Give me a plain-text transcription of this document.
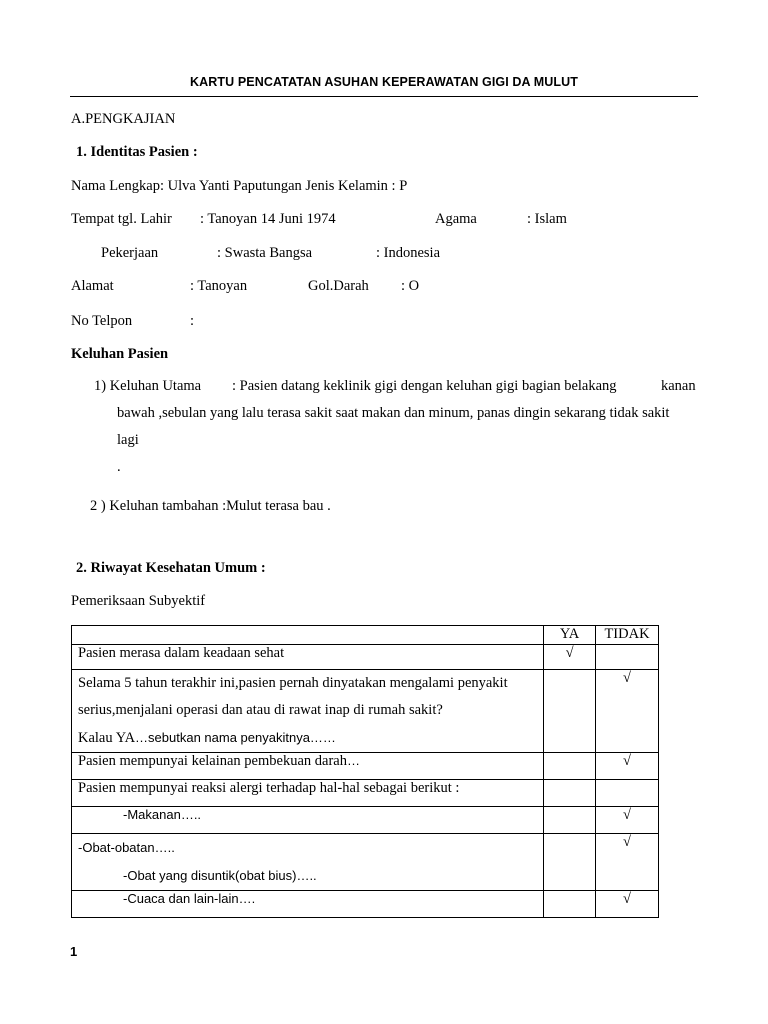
KARTU PENCATATAN ASUHAN KEPERAWATAN GIGI DA MULUT
A.PENGKAJIAN
1. Identitas Pasien :
Nama Lengkap: Ulva Yanti Paputungan Jenis Kelamin : P
Tempat tgl. Lahir : Tanoyan 14 Juni 1974	Agama	: Islam
Pekerjaan	: Swasta Bangsa	: Indonesia
Alamat	: Tanoyan	Gol.Darah : O
No Telpon	:
Keluhan Pasien
1) Keluhan Utama : Pasien datang keklinik gigi dengan keluhan gigi bagian belakang	kanan
bawah ,sebulan yang lalu terasa sakit saat makan dan minum, panas dingin sekarang tidak sakit
lagi
.
2 ) Keluhan tambahan :Mulut terasa bau .
2. Riwayat Kesehatan Umum :
Pemeriksaan Subyektif
	YA	TIDAK
Pasien merasa dalam keadaan sehat	√	

Selama 5 tahun terakhir ini,pasien pernah dinyatakan mengalami penyakit
serius,menjalani operasi dan atau di rawat inap di rumah sakit?
Kalau YA…sebutkan nama penyakitnya……		√
Pasien mempunyai kelainan pembekuan darah…		√
Pasien mempunyai reaksi alergi terhadap hal-hal sebagai berikut :		
-Makanan…..		√

-Obat-obatan…..
-Obat yang disuntik(obat bius)…..		√
-Cuaca dan lain-lain….		√
1
